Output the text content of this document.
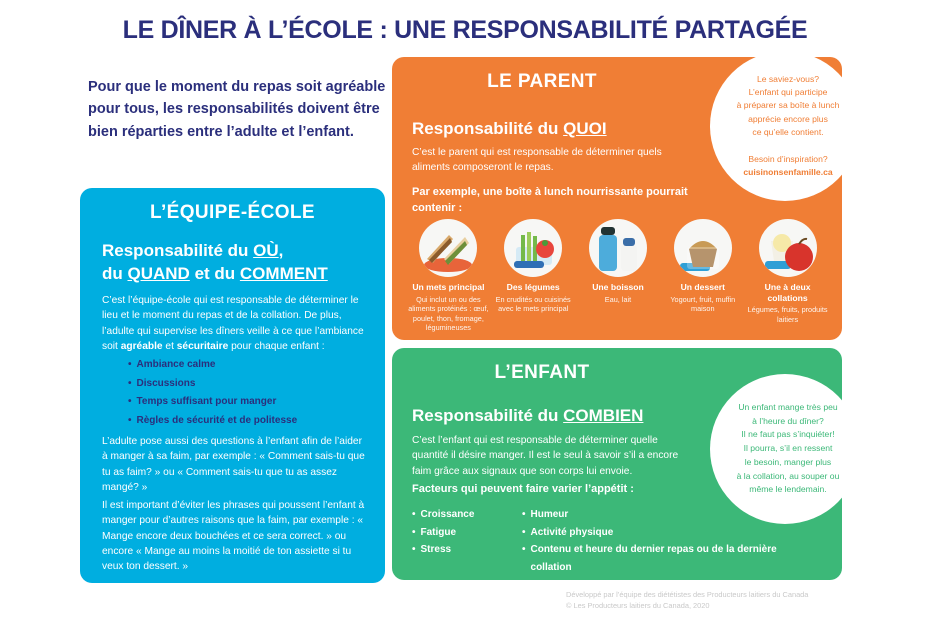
LE DÎNER À L’ÉCOLE : UNE RESPONSABILITÉ PARTAGÉE
Pour que le moment du repas soit agréable pour tous, les responsabilités doivent être bien réparties entre l’adulte et l’enfant.
L’ÉQUIPE-ÉCOLE
Responsabilité du OÙ,
du QUAND et du COMMENT
C’est l’équipe-école qui est responsable de déterminer le lieu et le moment du repas et de la collation. De plus, l’adulte qui supervise les dîners veille à ce que l’ambiance soit agréable et sécuritaire pour chaque enfant :
• Ambiance calme
• Discussions
• Temps suffisant pour manger
• Règles de sécurité et de politesse
L’adulte pose aussi des questions à l’enfant afin de l’aider à manger à sa faim, par exemple : « Comment sais-tu que tu as faim? » ou « Comment sais-tu que tu as assez mangé? »
Il est important d’éviter les phrases qui poussent l’enfant à manger pour d’autres raisons que la faim, par exemple : « Mange encore deux bouchées et ce sera correct. » ou encore « Mange au moins la moitié de ton assiette si tu veux ton dessert. »
LE PARENT
Responsabilité du QUOI
C’est le parent qui est responsable de déterminer quels aliments composeront le repas.
Par exemple, une boîte à lunch nourrissante pourrait contenir :
Le saviez-vous?
L’enfant qui participe
à préparer sa boîte à lunch
apprécie encore plus
ce qu’elle contient.

Besoin d’inspiration?
cuisinonsenfamille.ca
Un mets principal
Qui inclut un ou des aliments protéinés : œuf, poulet, thon, fromage, légumineuses
Des légumes
En crudités ou cuisinés avec le mets principal
Une boisson
Eau, lait
Un dessert
Yogourt, fruit, muffin maison
Une à deux collations
Légumes, fruits, produits laitiers
L’ENFANT
Responsabilité du COMBIEN
C’est l’enfant qui est responsable de déterminer quelle quantité il désire manger. Il est le seul à savoir s’il a encore faim grâce aux signaux que son corps lui envoie.
Facteurs qui peuvent faire varier l’appétit :
• Croissance
• Fatigue
• Stress
• Humeur
• Activité physique
• Contenu et heure du dernier repas ou de la dernière collation
Un enfant mange très peu
à l’heure du dîner?
Il ne faut pas s’inquiéter!
Il pourra, s’il en ressent
le besoin, manger plus
à la collation, au souper ou
même le lendemain.
Développé par l’équipe des diététistes des Producteurs laitiers du Canada
© Les Producteurs laitiers du Canada, 2020
